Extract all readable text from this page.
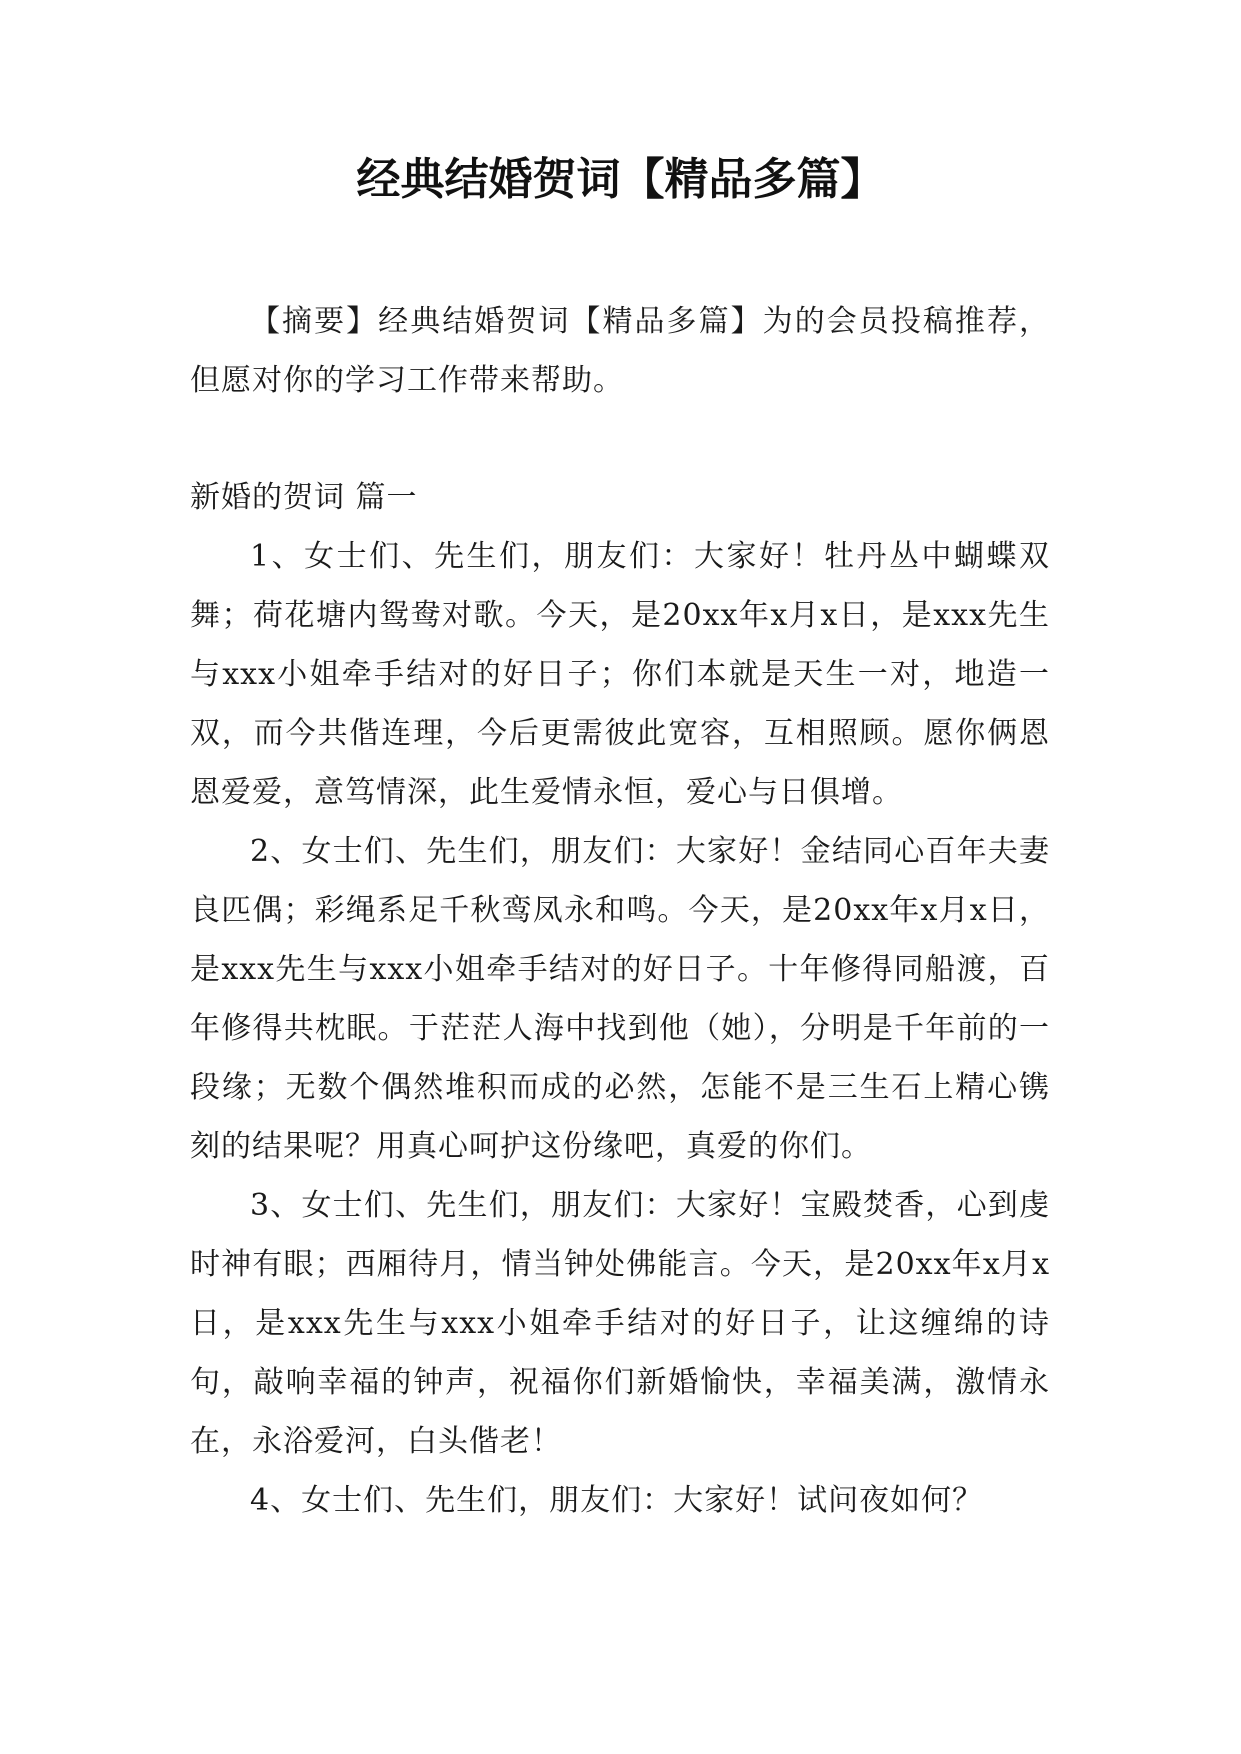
经典结婚贺词【精品多篇】

【摘要】经典结婚贺词【精品多篇】为的会员投稿推荐，但愿对你的学习工作带来帮助。

新婚的贺词 篇一

1、女士们、先生们，朋友们：大家好！牡丹丛中蝴蝶双舞；荷花塘内鸳鸯对歌。今天，是20xx年x月x日，是xxx先生与xxx小姐牵手结对的好日子；你们本就是天生一对，地造一双，而今共偕连理，今后更需彼此宽容，互相照顾。愿你俩恩恩爱爱，意笃情深，此生爱情永恒，爱心与日俱增。

2、女士们、先生们，朋友们：大家好！金结同心百年夫妻良匹偶；彩绳系足千秋鸾凤永和鸣。今天，是20xx年x月x日，是xxx先生与xxx小姐牵手结对的好日子。十年修得同船渡，百年修得共枕眠。于茫茫人海中找到他（她），分明是千年前的一段缘；无数个偶然堆积而成的必然，怎能不是三生石上精心镌刻的结果呢？用真心呵护这份缘吧，真爱的你们。

3、女士们、先生们，朋友们：大家好！宝殿焚香，心到虔时神有眼；西厢待月，情当钟处佛能言。今天，是20xx年x月x日，是xxx先生与xxx小姐牵手结对的好日子，让这缠绵的诗句，敲响幸福的钟声，祝福你们新婚愉快，幸福美满，激情永在，永浴爱河，白头偕老！

4、女士们、先生们，朋友们：大家好！试问夜如何？
